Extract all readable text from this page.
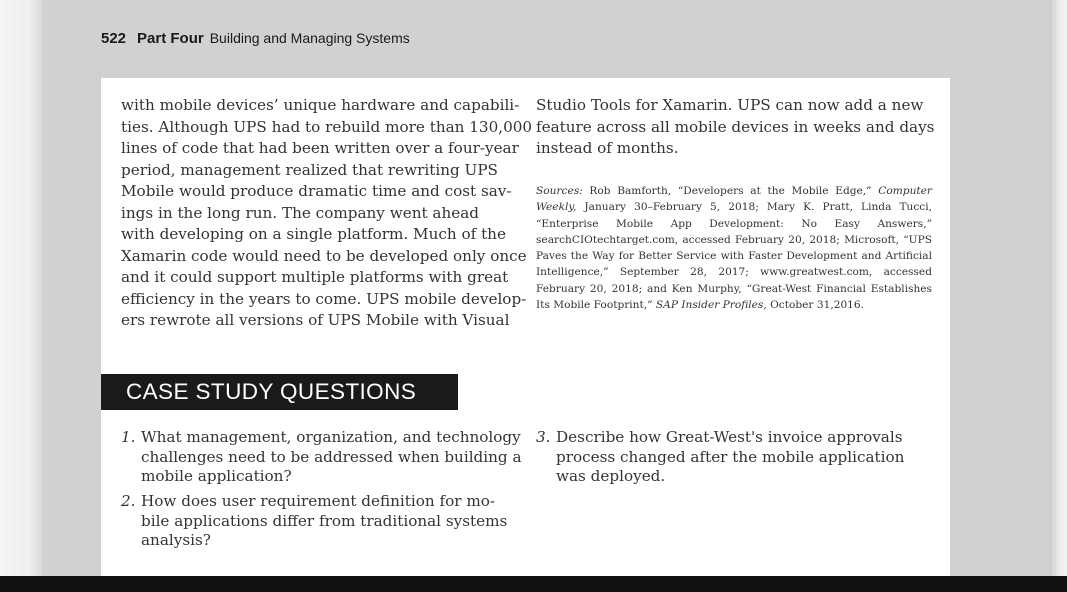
522 Part Four Building and Managing Systems
with mobile devices’ unique hardware and capabili-
ties. Although UPS had to rebuild more than 130,000
lines of code that had been written over a four-year
period, management realized that rewriting UPS
Mobile would produce dramatic time and cost sav-
ings in the long run. The company went ahead
with developing on a single platform. Much of the
Xamarin code would need to be developed only once
and it could support multiple platforms with great
efficiency in the years to come. UPS mobile develop-
ers rewrote all versions of UPS Mobile with Visual
Studio Tools for Xamarin. UPS can now add a new
feature across all mobile devices in weeks and days
instead of months.
Sources: Rob Bamforth, “Developers at the Mobile Edge,” Computer Weekly, January 30–February 5, 2018; Mary K. Pratt, Linda Tucci, “Enterprise Mobile App Development: No Easy Answers,” searchCIOtechtarget.com, accessed February 20, 2018; Microsoft, “UPS Paves the Way for Better Service with Faster Development and Artificial Intelligence,” September 28, 2017; www.greatwest.com, accessed February 20, 2018; and Ken Murphy, “Great-West Financial Establishes Its Mobile Footprint,” SAP Insider Profiles, October 31,2016.
CASE STUDY QUESTIONS
1. What management, organization, and technology
challenges need to be addressed when building a
mobile application?
2. How does user requirement definition for mo-
bile applications differ from traditional systems
analysis?
3. Describe how Great-West's invoice approvals
process changed after the mobile application
was deployed.
